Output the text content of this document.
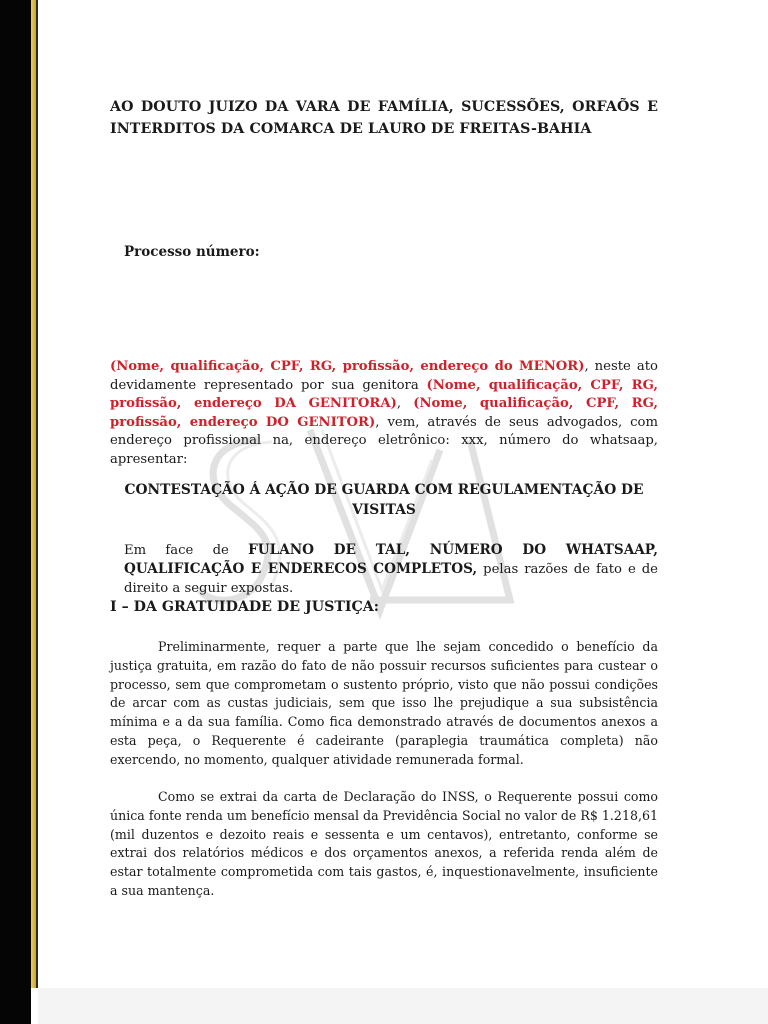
AO DOUTO JUIZO DA VARA DE FAMÍLIA, SUCESSÕES, ORFAÕS E
INTERDITOS DA COMARCA DE LAURO DE FREITAS-BAHIA

Processo número:

(Nome, qualificação, CPF, RG, profissão, endereço do MENOR), neste ato devidamente representado por sua genitora (Nome, qualificação, CPF, RG, profissão, endereço DA GENITORA), (Nome, qualificação, CPF, RG, profissão, endereço DO GENITOR), vem, através de seus advogados, com endereço profissional na, endereço eletrônico: xxx, número do whatsaap, apresentar:

CONTESTAÇÃO Á AÇÃO DE GUARDA COM REGULAMENTAÇÃO DE VISITAS
Em face de FULANO DE TAL, NÚMERO DO WHATSAAP, QUALIFICAÇÃO E ENDERECOS COMPLETOS, pelas razões de fato e de direito a seguir expostas.
I – DA GRATUIDADE DE JUSTIÇA:

Preliminarmente, requer a parte que lhe sejam concedido o benefício da justiça gratuita, em razão do fato de não possuir recursos suficientes para custear o processo, sem que comprometam o sustento próprio, visto que não possui condições de arcar com as custas judiciais, sem que isso lhe prejudique a sua subsistência mínima e a da sua família. Como fica demonstrado através de documentos anexos a esta peça, o Requerente é cadeirante (paraplegia traumática completa) não exercendo, no momento, qualquer atividade remunerada formal.

Como se extrai da carta de Declaração do INSS, o Requerente possui como única fonte renda um benefício mensal da Previdência Social no valor de R$ 1.218,61 (mil duzentos e dezoito reais e sessenta e um centavos), entretanto, conforme se extrai dos relatórios médicos e dos orçamentos anexos, a referida renda além de estar totalmente comprometida com tais gastos, é, inquestionavelmente, insuficiente a sua mantença.
